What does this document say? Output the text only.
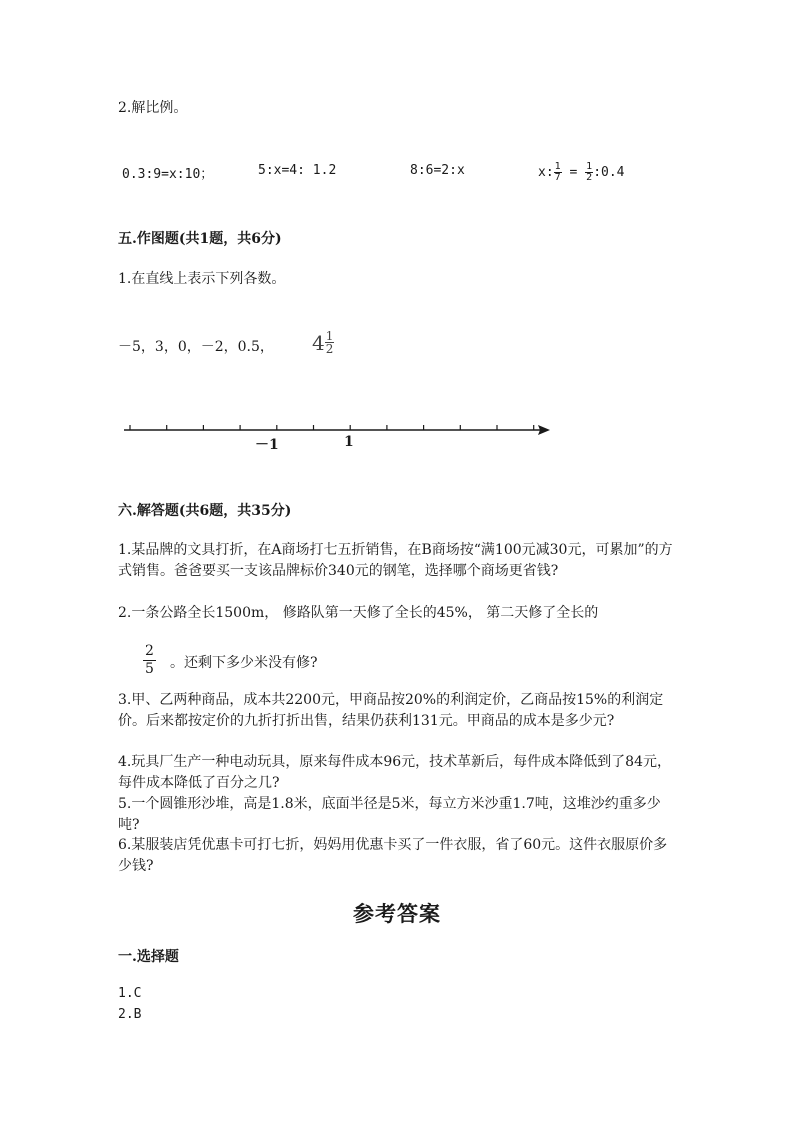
2.解比例。
0.3:9=x:10；	5:x=4: 1.2	8:6=2:x	x: $\frac{1}{7} = \frac{1}{2}$ :0.4
五.作图题(共1题，共6分)
1.在直线上表示下列各数。
－5，3，0，－2，0.5， $4 \frac{1}{2}$
－1	1
六.解答题(共6题，共35分)
1.某品牌的文具打折，在A商场打七五折销售，在B商场按“满100元减30元，可累加”的方式销售。爸爸要买一支该品牌标价340元的钢笔，选择哪个商场更省钱?
2.一条公路全长1500m， 修路队第一天修了全长的45%， 第二天修了全长的
$\frac{2}{5}$ 。还剩下多少米没有修?
3.甲、乙两种商品，成本共2200元，甲商品按20%的利润定价，乙商品按15%的利润定价。后来都按定价的九折打折出售，结果仍获利131元。甲商品的成本是多少元?
4.玩具厂生产一种电动玩具，原来每件成本96元，技术革新后，每件成本降低到了84元，每件成本降低了百分之几?
5.一个圆锥形沙堆，高是1.8米，底面半径是5米，每立方米沙重1.7吨，这堆沙约重多少吨?
6.某服装店凭优惠卡可打七折，妈妈用优惠卡买了一件衣服，省了60元。这件衣服原价多少钱?
参考答案
一.选择题
1.C
2.B
